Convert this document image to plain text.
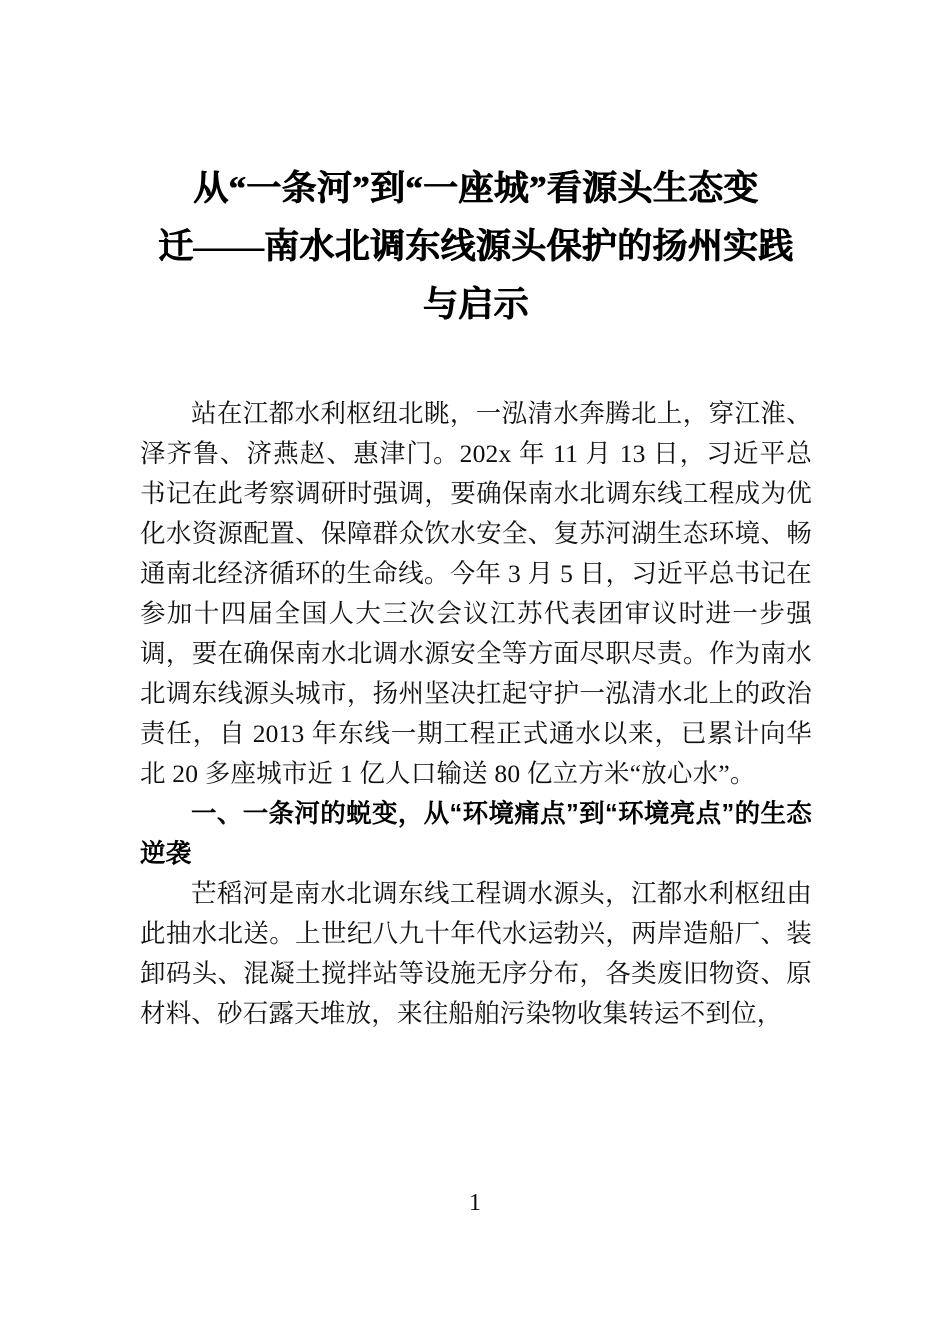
从“一条河”到“一座城”看源头生态变
迁——南水北调东线源头保护的扬州实践
与启示

站在江都水利枢纽北眺，一泓清水奔腾北上，穿江淮、泽齐鲁、济燕赵、惠津门。202x 年 11 月 13 日，习近平总书记在此考察调研时强调，要确保南水北调东线工程成为优化水资源配置、保障群众饮水安全、复苏河湖生态环境、畅通南北经济循环的生命线。今年 3 月 5 日，习近平总书记在参加十四届全国人大三次会议江苏代表团审议时进一步强调，要在确保南水北调水源安全等方面尽职尽责。作为南水北调东线源头城市，扬州坚决扛起守护一泓清水北上的政治责任，自 2013 年东线一期工程正式通水以来，已累计向华北 20 多座城市近 1 亿人口输送 80 亿立方米“放心水”。

一、一条河的蜕变，从“环境痛点”到“环境亮点”的生态逆袭

芒稻河是南水北调东线工程调水源头，江都水利枢纽由此抽水北送。上世纪八九十年代水运勃兴，两岸造船厂、装卸码头、混凝土搅拌站等设施无序分布，各类废旧物资、原材料、砂石露天堆放，来往船舶污染物收集转运不到位，

1
